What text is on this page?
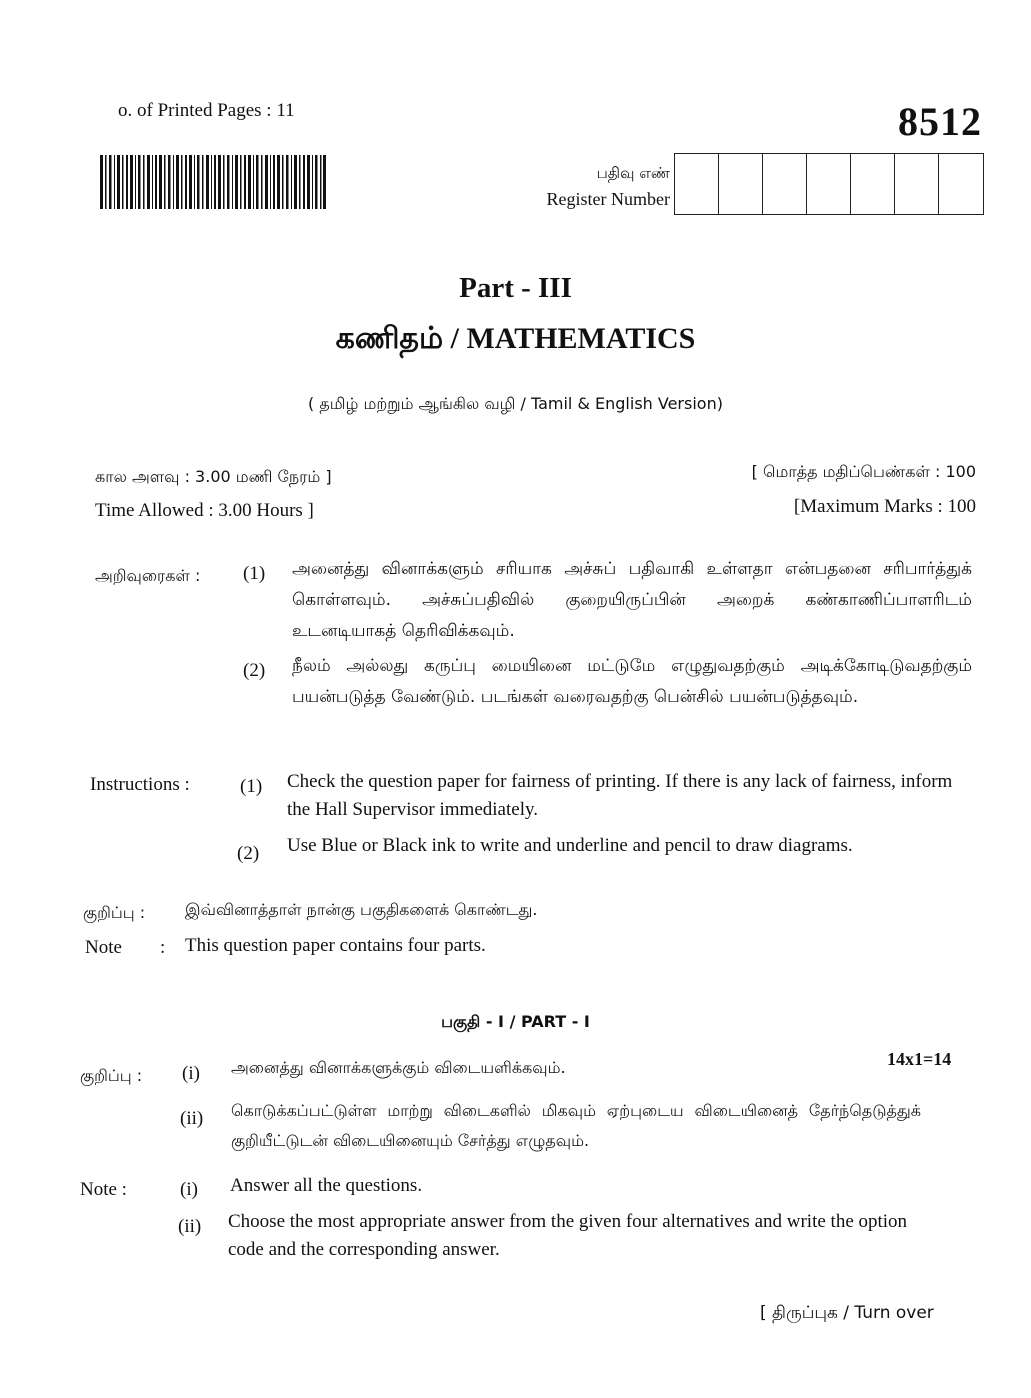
o. of Printed Pages : 11	8512
பதிவு எண்
Register Number
Part - III
கணிதம் / MATHEMATICS
( தமிழ் மற்றும் ஆங்கில வழி / Tamil & English Version)
கால அளவு : 3.00 மணி நேரம் ]
Time Allowed : 3.00 Hours ]
[ மொத்த மதிப்பெண்கள் : 100
[Maximum Marks : 100
அறிவுரைகள் : (1) அனைத்து வினாக்களும் சரியாக அச்சுப் பதிவாகி உள்ளதா என்பதனை சரிபார்த்துக் கொள்ளவும். அச்சுப்பதிவில் குறையிருப்பின் அறைக் கண்காணிப்பாளரிடம் உடனடியாகத் தெரிவிக்கவும்.
(2) நீலம் அல்லது கருப்பு மையினை மட்டுமே எழுதுவதற்கும் அடிக்கோடிடுவதற்கும் பயன்படுத்த வேண்டும். படங்கள் வரைவதற்கு பென்சில் பயன்படுத்தவும்.
Instructions :	(1) Check the question paper for fairness of printing. If there is any lack of fairness, inform the Hall Supervisor immediately.
(2) Use Blue or Black ink to write and underline and pencil to draw diagrams.
குறிப்பு : இவ்வினாத்தாள் நான்கு பகுதிகளைக் கொண்டது.
Note : This question paper contains four parts.
பகுதி - I / PART - I
14x1=14
குறிப்பு : (i) அனைத்து வினாக்களுக்கும் விடையளிக்கவும்.
(ii) கொடுக்கப்பட்டுள்ள மாற்று விடைகளில் மிகவும் ஏற்புடைய விடையினைத் தேர்ந்தெடுத்துக் குறியீட்டுடன் விடையினையும் சேர்த்து எழுதவும்.
Note :	(i) Answer all the questions.
(ii) Choose the most appropriate answer from the given four alternatives and write the option code and the corresponding answer.
[ திருப்புக / Turn over
